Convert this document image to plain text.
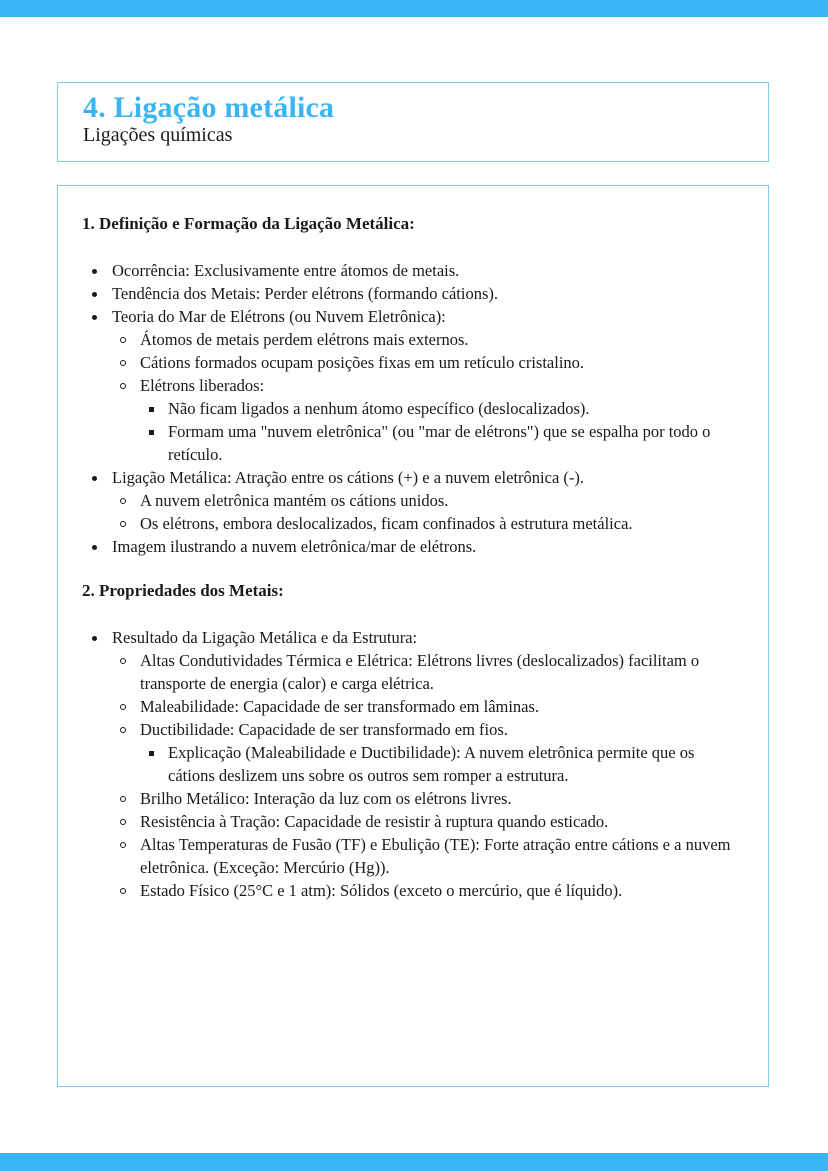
4. Ligação metálica
Ligações químicas
1. Definição e Formação da Ligação Metálica:
Ocorrência: Exclusivamente entre átomos de metais.
Tendência dos Metais: Perder elétrons (formando cátions).
Teoria do Mar de Elétrons (ou Nuvem Eletrônica):
Átomos de metais perdem elétrons mais externos.
Cátions formados ocupam posições fixas em um retículo cristalino.
Elétrons liberados:
Não ficam ligados a nenhum átomo específico (deslocalizados).
Formam uma "nuvem eletrônica" (ou "mar de elétrons") que se espalha por todo o retículo.
Ligação Metálica: Atração entre os cátions (+) e a nuvem eletrônica (-).
A nuvem eletrônica mantém os cátions unidos.
Os elétrons, embora deslocalizados, ficam confinados à estrutura metálica.
Imagem ilustrando a nuvem eletrônica/mar de elétrons.
2. Propriedades dos Metais:
Resultado da Ligação Metálica e da Estrutura:
Altas Condutividades Térmica e Elétrica: Elétrons livres (deslocalizados) facilitam o transporte de energia (calor) e carga elétrica.
Maleabilidade: Capacidade de ser transformado em lâminas.
Ductibilidade: Capacidade de ser transformado em fios.
Explicação (Maleabilidade e Ductibilidade): A nuvem eletrônica permite que os cátions deslizem uns sobre os outros sem romper a estrutura.
Brilho Metálico: Interação da luz com os elétrons livres.
Resistência à Tração: Capacidade de resistir à ruptura quando esticado.
Altas Temperaturas de Fusão (TF) e Ebulição (TE): Forte atração entre cátions e a nuvem eletrônica. (Exceção: Mercúrio (Hg)).
Estado Físico (25°C e 1 atm): Sólidos (exceto o mercúrio, que é líquido).
